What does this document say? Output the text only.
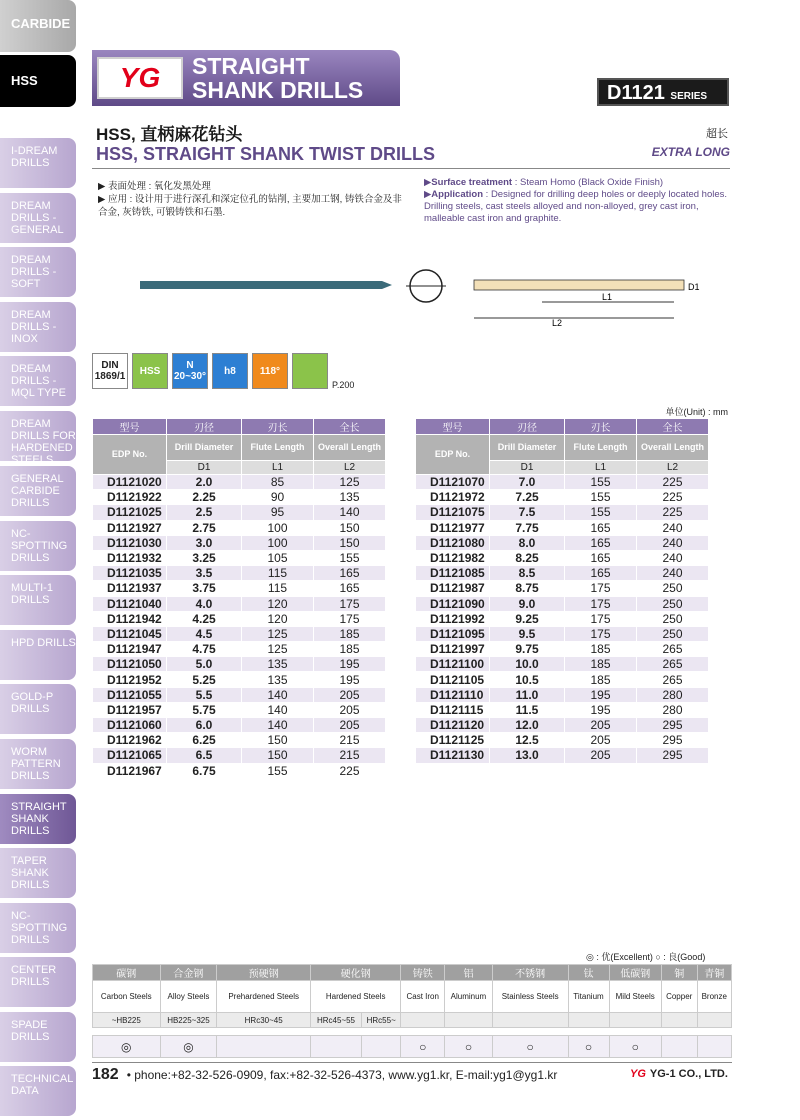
CARBIDE
HSS
I-DREAM DRILLS
DREAM DRILLS -GENERAL
DREAM DRILLS -SOFT
DREAM DRILLS -INOX
DREAM DRILLS -MQL TYPE
DREAM DRILLS FOR HARDENED STEELS
GENERAL CARBIDE DRILLS
NC-SPOTTING DRILLS
MULTI-1 DRILLS
HPD DRILLS
GOLD-P DRILLS
WORM PATTERN DRILLS
STRAIGHT SHANK DRILLS
TAPER SHANK DRILLS
NC-SPOTTING DRILLS
CENTER DRILLS
SPADE DRILLS
TECHNICAL DATA
YG	STRAIGHT
SHANK DRILLS	D1121 SERIES
HSS, 直柄麻花钻头
HSS, STRAIGHT SHANK TWIST DRILLS
超长
EXTRA LONG
▶ 表面处理 : 氧化发黑处理
▶ 应用 : 设计用于进行深孔和深定位孔的钻削, 主要加工钢, 铸铁合金及非合金, 灰铸铁, 可锻铸铁和石墨.
▶Surface treatment : Steam Homo (Black Oxide Finish)
▶Application : Designed for drilling deep holes or deeply located holes. Drilling steels, cast steels alloyed and non-alloyed, grey cast iron, malleable cast iron and graphite.
L2
L1
D1
DIN 1869/1	HSS	N 20~30°	h8	118°
P.200
单位(Unit) : mm
型号	刃径	刃长	全长
EDP No.	Drill Diameter	Flute Length	Overall Length
	D1	L1	L2
D1121020	2.0	85	125
D1121922	2.25	90	135
D1121025	2.5	95	140
D1121927	2.75	100	150
D1121030	3.0	100	150
D1121932	3.25	105	155
D1121035	3.5	115	165
D1121937	3.75	115	165
D1121040	4.0	120	175
D1121942	4.25	120	175
D1121045	4.5	125	185
D1121947	4.75	125	185
D1121050	5.0	135	195
D1121952	5.25	135	195
D1121055	5.5	140	205
D1121957	5.75	140	205
D1121060	6.0	140	205
D1121962	6.25	150	215
D1121065	6.5	150	215
D1121967	6.75	155	225
型号	刃径	刃长	全长
EDP No.	Drill Diameter	Flute Length	Overall Length
	D1	L1	L2
D1121070	7.0	155	225
D1121972	7.25	155	225
D1121075	7.5	155	225
D1121977	7.75	165	240
D1121080	8.0	165	240
D1121982	8.25	165	240
D1121085	8.5	165	240
D1121987	8.75	175	250
D1121090	9.0	175	250
D1121992	9.25	175	250
D1121095	9.5	175	250
D1121997	9.75	185	265
D1121100	10.0	185	265
D1121105	10.5	185	265
D1121110	11.0	195	280
D1121115	11.5	195	280
D1121120	12.0	205	295
D1121125	12.5	205	295
D1121130	13.0	205	295

◎ : 优(Excellent) ○ : 良(Good)
碳钢	合金钢	预硬钢	硬化钢		铸铁	铝	不锈钢	钛	低碳钢	铜	青铜
Carbon Steels	Alloy Steels	Prehardened Steels	Hardened Steels		Cast Iron	Aluminum	Stainless Steels	Titanium	Mild Steels	Copper	Bronze
~HB225	HB225~325	HRc30~45	HRc45~55	HRc55~							

◎	◎				○	○	○	○	○		
182 • phone:+82-32-526-0909, fax:+82-32-526-4373, www.yg1.kr, E-mail:yg1@yg1.kr	YG YG-1 CO., LTD.
